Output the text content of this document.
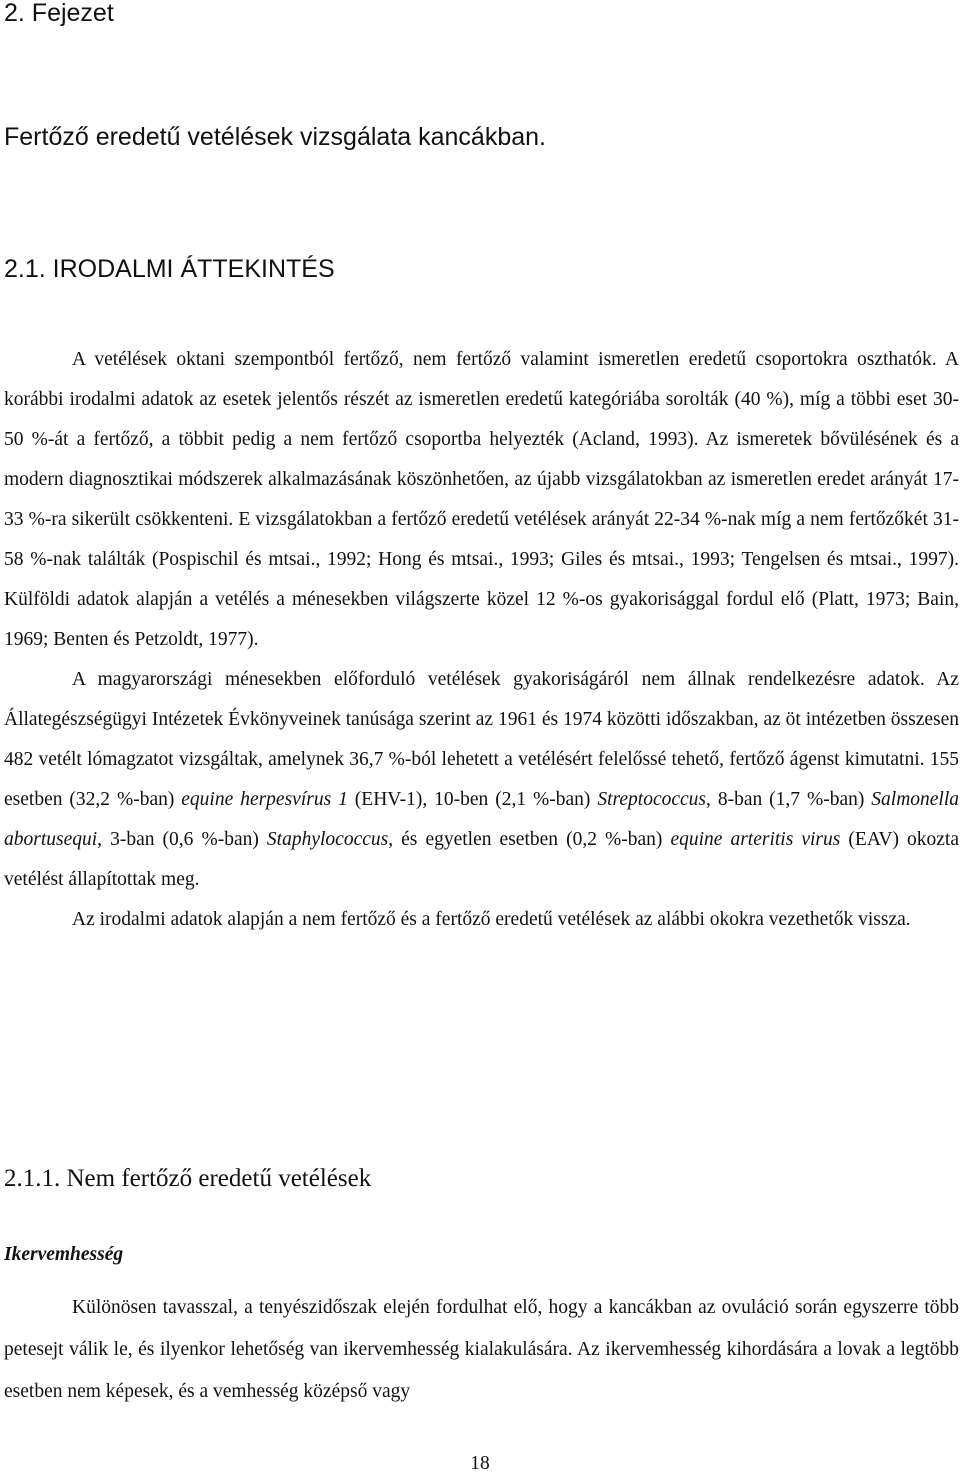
2. Fejezet
Fertőző eredetű vetélések vizsgálata kancákban.
2.1. IRODALMI ÁTTEKINTÉS

A vetélések oktani szempontból fertőző, nem fertőző valamint ismeretlen eredetű csoportokra oszthatók. A korábbi irodalmi adatok az esetek jelentős részét az ismeretlen eredetű kategóriába sorolták (40 %), míg a többi eset 30-50 %-át a fertőző, a többit pedig a nem fertőző csoportba helyezték (Acland, 1993). Az ismeretek bővülésének és a modern diagnosztikai módszerek alkalmazásának köszönhetően, az újabb vizsgálatokban az ismeretlen eredet arányát 17-33 %-ra sikerült csökkenteni. E vizsgálatokban a fertőző eredetű vetélések arányát 22-34 %-nak míg a nem fertőzőkét 31-58 %-nak találták (Pospischil és mtsai., 1992; Hong és mtsai., 1993; Giles és mtsai., 1993; Tengelsen és mtsai., 1997). Külföldi adatok alapján a vetélés a ménesekben világszerte közel 12 %-os gyakorisággal fordul elő (Platt, 1973; Bain, 1969; Benten és Petzoldt, 1977).

A magyarországi ménesekben előforduló vetélések gyakoriságáról nem állnak rendelkezésre adatok. Az Állategészségügyi Intézetek Évkönyveinek tanúsága szerint az 1961 és 1974 közötti időszakban, az öt intézetben összesen 482 vetélt lómagzatot vizsgáltak, amelynek 36,7 %-ból lehetett a vetélésért felelőssé tehető, fertőző ágenst kimutatni. 155 esetben (32,2 %-ban) equine herpesvírus 1 (EHV-1), 10-ben (2,1 %-ban) Streptococcus, 8-ban (1,7 %-ban) Salmonella abortusequi, 3-ban (0,6 %-ban) Staphylococcus, és egyetlen esetben (0,2 %-ban) equine arteritis virus (EAV) okozta vetélést állapítottak meg.

Az irodalmi adatok alapján a nem fertőző és a fertőző eredetű vetélések az alábbi okokra vezethetők vissza.

2.1.1. Nem fertőző eredetű vetélések
Ikervemhesség

Különösen tavasszal, a tenyészidőszak elején fordulhat elő, hogy a kancákban az ovuláció során egyszerre több petesejt válik le, és ilyenkor lehetőség van ikervemhesség kialakulására. Az ikervemhesség kihordására a lovak a legtöbb esetben nem képesek, és a vemhesség középső vagy

18
